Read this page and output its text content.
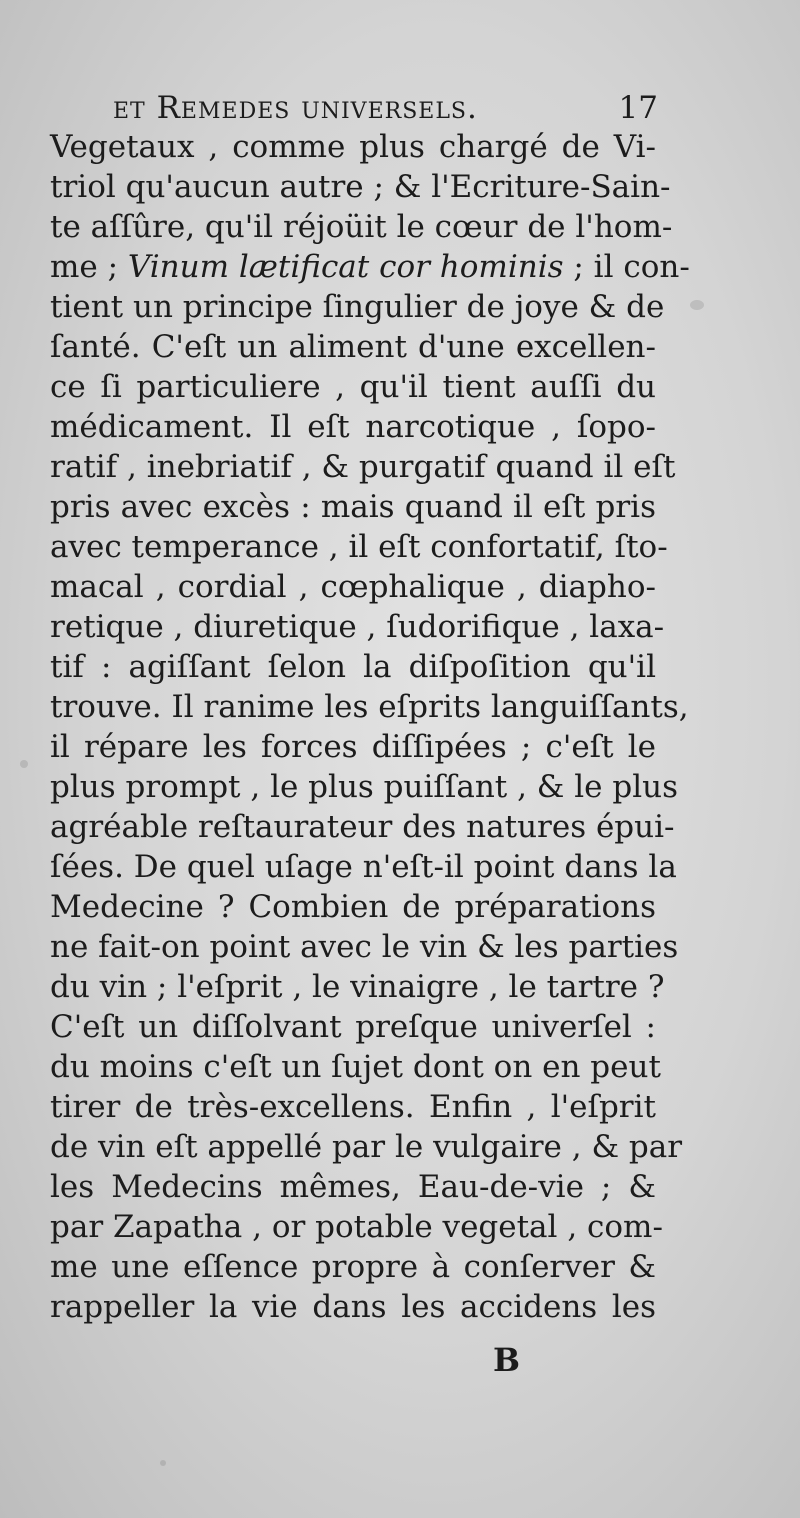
et Remedes universels.	17
Vegetaux , comme plus chargé de Vi-
triol qu'aucun autre ; & l'Ecriture-Sain-
te aſſûre, qu'il réjoüit le cœur de l'hom-
me ; Vinum lætificat cor hominis ; il con-
tient un principe ſingulier de joye & de
ſanté. C'eſt un aliment d'une excellen-
ce ſi particuliere , qu'il tient auſſi du
médicament. Il eſt narcotique , ſopo-
ratif , inebriatif , & purgatif quand il eſt
pris avec excès : mais quand il eſt pris
avec temperance , il eſt confortatif, ſto-
macal , cordial , cœphalique , diapho-
retique , diuretique , ſudorifique , laxa-
tif : agiſſant ſelon la diſpoſition qu'il
trouve. Il ranime les eſprits languiſſants,
il répare les forces diſſipées ; c'eſt le
plus prompt , le plus puiſſant , & le plus
agréable reſtaurateur des natures épui-
ſées. De quel uſage n'eſt-il point dans la
Medecine ? Combien de préparations
ne fait-on point avec le vin & les parties
du vin ; l'eſprit , le vinaigre , le tartre ?
C'eſt un diſſolvant preſque univerſel :
du moins c'eſt un ſujet dont on en peut
tirer de très-excellens. Enfin , l'eſprit
de vin eſt appellé par le vulgaire , & par
les Medecins mêmes, Eau-de-vie ; &
par Zapatha , or potable vegetal , com-
me une eſſence propre à conſerver &
rappeller la vie dans les accidens les
B
